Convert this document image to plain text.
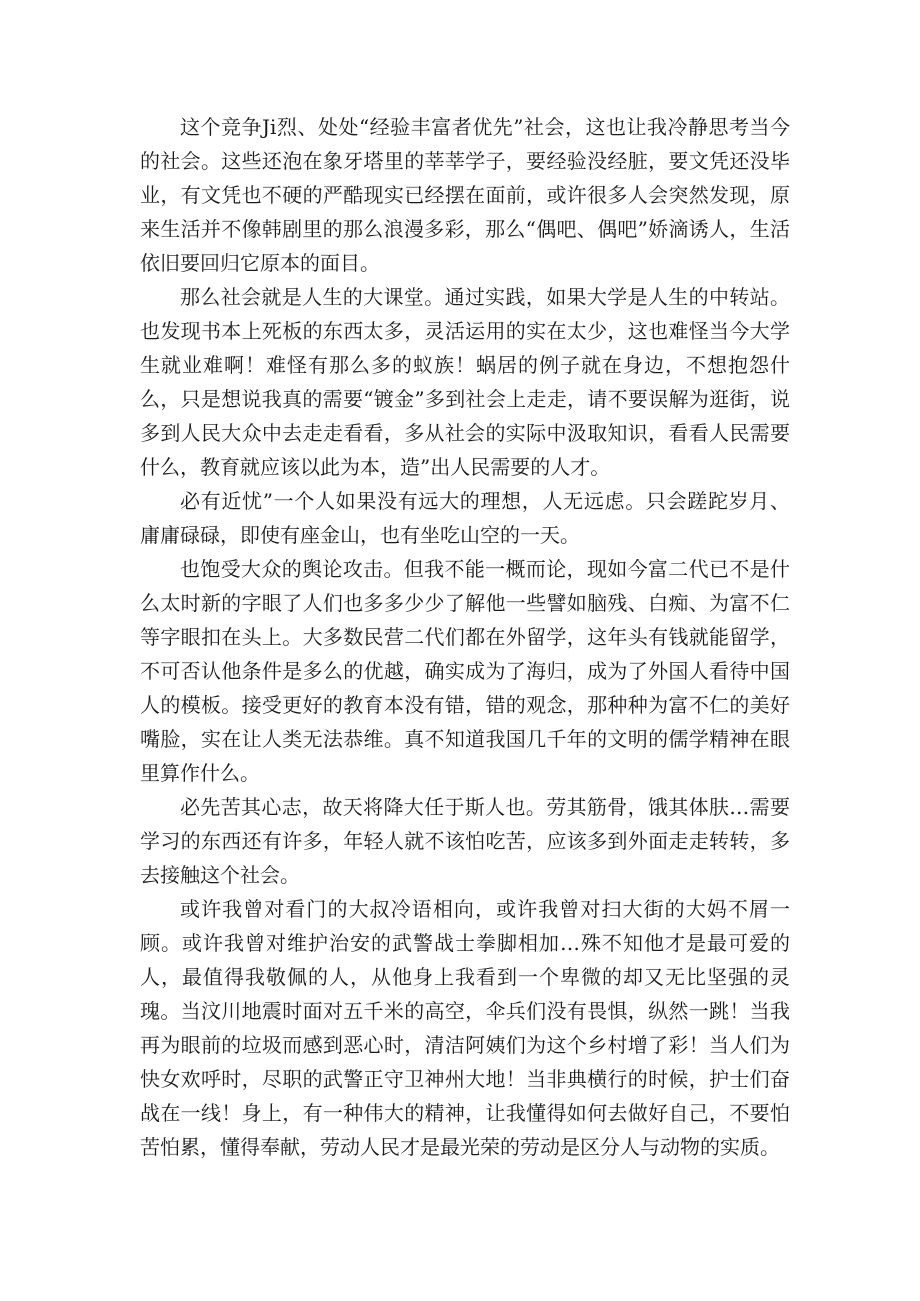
这个竞争Ji烈、处处“经验丰富者优先”社会，这也让我冷静思考当今的社会。这些还泡在象牙塔里的莘莘学子，要经验没经脏，要文凭还没毕业，有文凭也不硬的严酷现实已经摆在面前，或许很多人会突然发现，原来生活并不像韩剧里的那么浪漫多彩，那么“偶吧、偶吧”娇滴诱人，生活依旧要回归它原本的面目。

那么社会就是人生的大课堂。通过实践，如果大学是人生的中转站。也发现书本上死板的东西太多，灵活运用的实在太少，这也难怪当今大学生就业难啊！难怪有那么多的蚁族！蜗居的例子就在身边，不想抱怨什么，只是想说我真的需要“镀金”多到社会上走走，请不要误解为逛街，说多到人民大众中去走走看看，多从社会的实际中汲取知识，看看人民需要什么，教育就应该以此为本，造”出人民需要的人才。

必有近忧”一个人如果没有远大的理想，人无远虑。只会蹉跎岁月、庸庸碌碌，即使有座金山，也有坐吃山空的一天。

也饱受大众的舆论攻击。但我不能一概而论，现如今富二代已不是什么太时新的字眼了人们也多多少少了解他一些譬如脑残、白痴、为富不仁等字眼扣在头上。大多数民营二代们都在外留学，这年头有钱就能留学，不可否认他条件是多么的优越，确实成为了海归，成为了外国人看待中国人的模板。接受更好的教育本没有错，错的观念，那种种为富不仁的美好嘴脸，实在让人类无法恭维。真不知道我国几千年的文明的儒学精神在眼里算作什么。

必先苦其心志，故天将降大任于斯人也。劳其筋骨，饿其体肤…需要学习的东西还有许多，年轻人就不该怕吃苦，应该多到外面走走转转，多去接触这个社会。

或许我曾对看门的大叔冷语相向，或许我曾对扫大街的大妈不屑一顾。或许我曾对维护治安的武警战士拳脚相加…殊不知他才是最可爱的人，最值得我敬佩的人，从他身上我看到一个卑微的却又无比坚强的灵瑰。当汶川地震时面对五千米的高空，伞兵们没有畏惧，纵然一跳！当我再为眼前的垃圾而感到恶心时，清洁阿姨们为这个乡村增了彩！当人们为快女欢呼时，尽职的武警正守卫神州大地！当非典横行的时候，护士们奋战在一线！身上，有一种伟大的精神，让我懂得如何去做好自己，不要怕苦怕累，懂得奉献，劳动人民才是最光荣的劳动是区分人与动物的实质。
